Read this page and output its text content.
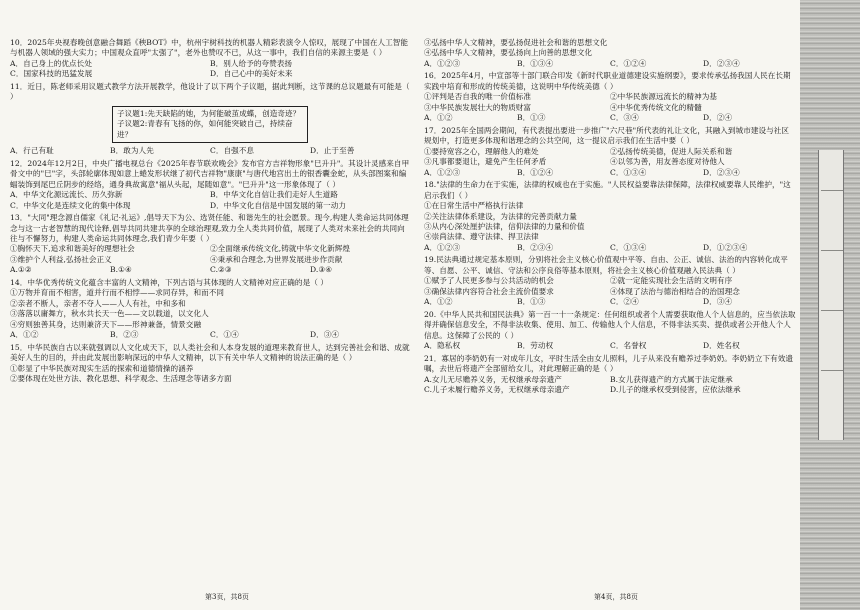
10．2025年央视春晚创意融合舞蹈《秧BOT》中，杭州宇树科技的机器人精彩表演令人惊叹，展现了中国在人工智能与机器人领域的强大实力；中国观众直呼"太强了"，老外也赞叹不已，从这一事中，我们自信的来源主要是（ ）
A．自己身上的优点长处	B．别人给予的夸赞表扬
C．国家科技的迅猛发展	D．自己心中的美好未来
11．近日，陈老师采用议题式教学方法开展教学，他设计了以下两个子议题，据此判断，这节课的总议题最有可能是（ ）
子议题1:先天缺陷的她，为何能破茧成蝶，创造奇迹？
子议题2:青春有飞扬的你，如何能突破自己，持续奋进？
A．行己有耻	B．敢为人先	C．自强不息	D．止于至善
12．2024年12月2日，中央广播电视总台《2025年春节联欢晚会》发布官方吉祥物形象"巳升升"。其设计灵感来自甲骨文中的"巳"字，头部轮廓体现如意上蜷发形状继了初代吉祥物"康康"与唐代地宫出土的银香囊金蛇，从头部图案和编蝠装饰到尾巴丘阴步的经络，通身典故寓意"福从头起，尾随如意"。"巳升升"这一形象体现了（ ）
A．中华文化源远流长、历久弥新	B．中华文化自信让我们走好人生道路
C．中华文化是连续文化的集中体现	D．中华文化自信是中国发展的第一动力
13．"大同"理念源自儒家《礼记·礼运》,倡导天下为公、选贤任能、和谐先生的社会愿景。现今,构建人类命运共同体理念与这一古老智慧的现代诠释,倡导共同共建共享的全球治理观,致力全人类共同价值，展现了人类对未来社会的共同向往与不懈努力，构建人类命运共同体理念,我们青少年要（ ）
①胸怀天下,追求和谐美好的理想社会	②全面继承传统文化,铸就中华文化新辉煌
③维护个人利益,弘扬社会正义	④秉承和合理念,为世界发展进步作贡献
A.①②	B.①④	C.②③	D.③④
14．中华优秀传统文化蕴含丰富的人文精神，下列古语与其体现的人文精神对应正确的是（ ）
①万物并育而不相害，道并行而不相悖——求同存异，和而不同
②亲者不断人，亲者不夺人——人人有社，中和多和
③落落以庸舞方，秋水共长天一色——文以载道，以文化人
④穷则独善其身，达则兼济天下——形神兼备，情景交融
A．①②	B．②③	C．①④	D．③④
15．中华民族自古以来就强调以人文化成天下，以人类社会和人本身发展的道理来教育世人，达到完善社会和谐、成就美好人生的目的，并由此发展出影响深远的中华人文精神，以下有关中华人文精神的说法正确的是（ ）
①彰显了中华民族对现实生活的探索和道德情操的涵养
②要体现在处世方法、教化思想、科学观念、生活理念等诸多方面
第3页，共8页
③弘扬中华人文精神，要弘扬促进社会和谐的思想文化
④弘扬中华人文精神，要弘扬向上向善的思想文化
A．①②③	B．①③④	C．①②④	D．②③④
16．2025年4月，中宣部等十部门联合印发《新时代职业道德建设实施纲要》，要求传承弘扬我国人民在长期实践中培育和形成的传统美德，这说明中华传统美德（ ）
①评判是否自我的唯一价值标准	②中华民族源远流长的精神为基
③中华民族发展壮大的物质财富	④中华优秀传统文化的精髓
A．①②	B．①③	C．③④	D．②④
17．2025年全国两会期间，有代表提出要进一步推广"六尺巷"所代表的礼让文化，其融入到城市建设与社区规划中，打造更多体现和谐理念的公共空间，这一提议启示我们在生活中要（ ）
①要持宽容之心，理解他人的难处	②弘扬传统美德，促进人际关系和谐
③凡事都要退让，避免产生任何矛盾	④以邻为善，用友善态度对待他人
A．①②③	B．①②④	C．①③④	D．②③④
18."法律的生命力在于实施，法律的权威也在于实施。"人民权益要靠法律保障，法律权威要靠人民维护，"这启示我们（ ）
①在日常生活中严格执行法律
②关注法律体系建设，为法律的完善贡献力量
③从内心深处厘护法律，信仰法律的力量和价值
④崇尚法律、遵守法律、捍卫法律
A．①②③	B．②③④	C．①③④	D．①②③④
19.民法典通过规定基本原则，分别将社会主义核心价值观中平等、自由、公正、诚信、法治的内容转化成平等、自愿、公平、诚信、守法和公序良俗等基本原则，将社会主义核心价值观融入民法典（ ）
①赋予了人民更多参与公共活动的机会	②就一定能实现社会生活的文明有序
③确保法律内容符合社会主流价值要求	④体现了法治与德治相结合的治国理念
A．①②	B．①③	C．②④	D．③④
20.《中华人民共和国民法典》第一百一十一条规定：任何组织或者个人需要获取他人个人信息的，应当依法取得并确保信息安全，不得非法收集、使用、加工、传输他人个人信息，不得非法买卖、提供或者公开他人个人信息。这保障了公民的（ ）
A．隐私权	B．劳动权	C．名誉权	D．姓名权
21．寡居的李奶奶有一对成年儿女，平时生活全由女儿照料，儿子从来没有赡养过李奶奶。李奶奶立下有效遗嘱，去世后将遗产全部留给女儿，对此理解正确的是（ ）
A.女儿无尽赡养义务，无权继承母亲遗产	B.女儿获得遗产的方式属于法定继承
C.儿子未履行赡养义务，无权继承母亲遗产	D.儿子的继承权受到侵害，应依法继承
第4页，共8页
